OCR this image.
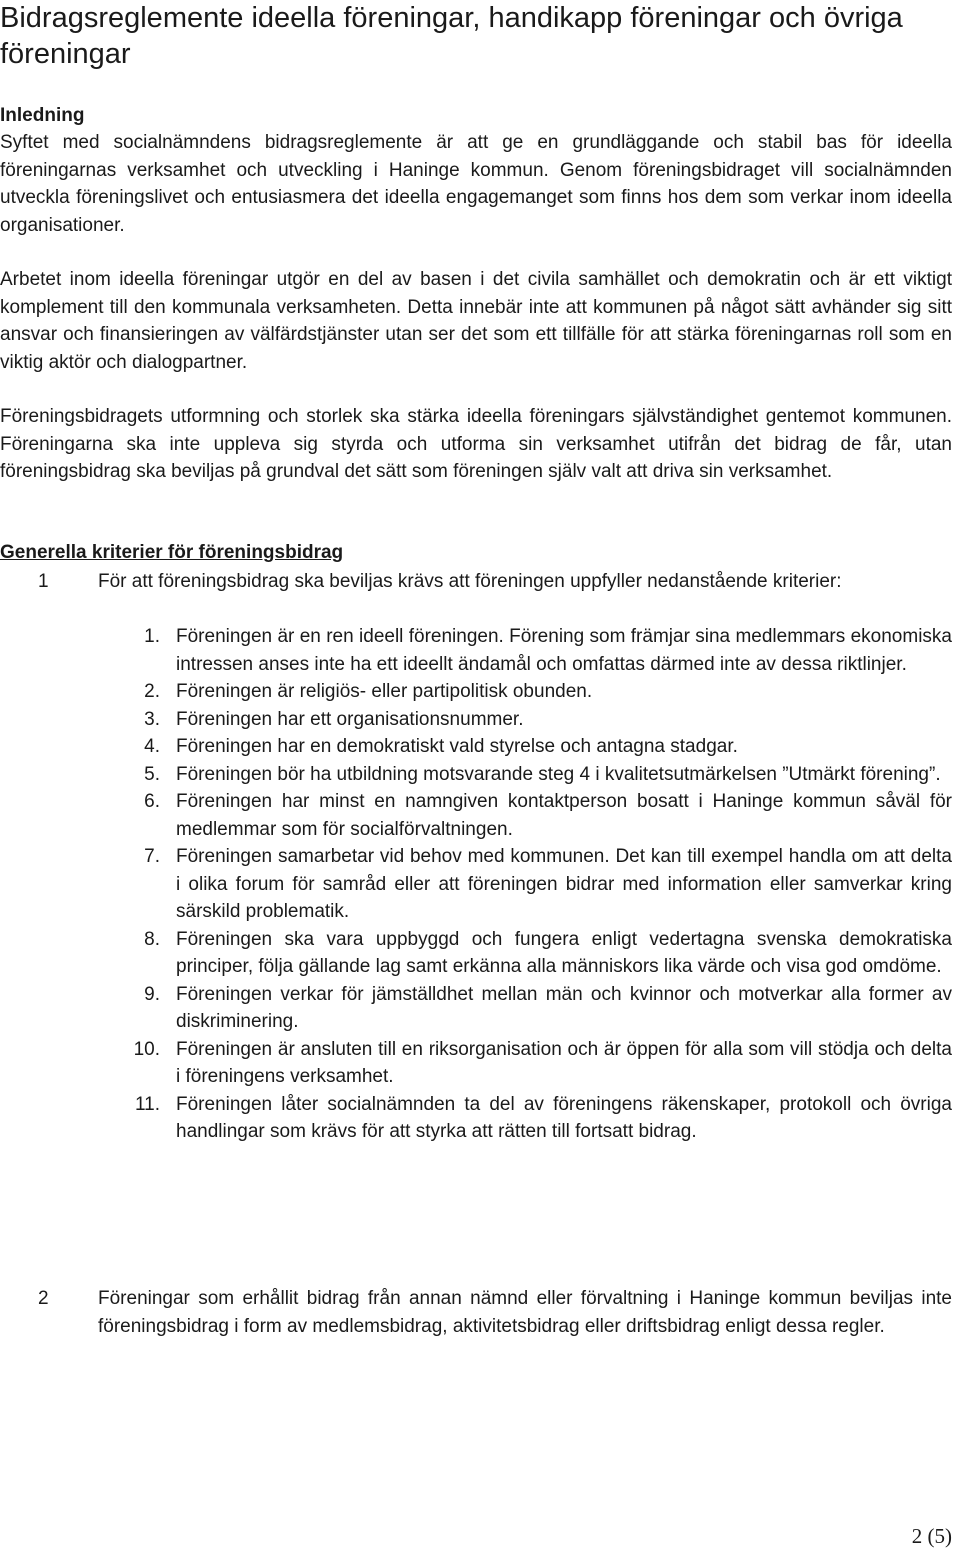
Bidragsreglemente ideella föreningar, handikapp föreningar och övriga föreningar
Inledning
Syftet med socialnämndens bidragsreglemente är att ge en grundläggande och stabil bas för ideella föreningarnas verksamhet och utveckling i Haninge kommun. Genom föreningsbidraget vill socialnämnden utveckla föreningslivet och entusiasmera det ideella engagemanget som finns hos dem som verkar inom ideella organisationer.
Arbetet inom ideella föreningar utgör en del av basen i det civila samhället och demokratin och är ett viktigt komplement till den kommunala verksamheten. Detta innebär inte att kommunen på något sätt avhänder sig sitt ansvar och finansieringen av välfärdstjänster utan ser det som ett tillfälle för att stärka föreningarnas roll som en viktig aktör och dialogpartner.
Föreningsbidragets utformning och storlek ska stärka ideella föreningars självständighet gentemot kommunen. Föreningarna ska inte uppleva sig styrda och utforma sin verksamhet utifrån det bidrag de får, utan föreningsbidrag ska beviljas på grundval det sätt som föreningen själv valt att driva sin verksamhet.
Generella kriterier för föreningsbidrag
1	För att föreningsbidrag ska beviljas krävs att föreningen uppfyller nedanstående kriterier:
1. Föreningen är en ren ideell föreningen. Förening som främjar sina medlemmars ekonomiska intressen anses inte ha ett ideellt ändamål och omfattas därmed inte av dessa riktlinjer.
2. Föreningen är religiös- eller partipolitisk obunden.
3. Föreningen har ett organisationsnummer.
4. Föreningen har en demokratiskt vald styrelse och antagna stadgar.
5. Föreningen bör ha utbildning motsvarande steg 4 i kvalitetsutmärkelsen ”Utmärkt förening”.
6. Föreningen har minst en namngiven kontaktperson bosatt i Haninge kommun såväl för medlemmar som för socialförvaltningen.
7. Föreningen samarbetar vid behov med kommunen. Det kan till exempel handla om att delta i olika forum för samråd eller att föreningen bidrar med information eller samverkar kring särskild problematik.
8. Föreningen ska vara uppbyggd och fungera enligt vedertagna svenska demokratiska principer, följa gällande lag samt erkänna alla människors lika värde och visa god omdöme.
9. Föreningen verkar för jämställdhet mellan män och kvinnor och motverkar alla former av diskriminering.
10. Föreningen är ansluten till en riksorganisation och är öppen för alla som vill stödja och delta i föreningens verksamhet.
11. Föreningen låter socialnämnden ta del av föreningens räkenskaper, protokoll och övriga handlingar som krävs för att styrka att rätten till fortsatt bidrag.
2	Föreningar som erhållit bidrag från annan nämnd eller förvaltning i Haninge kommun beviljas inte föreningsbidrag i form av medlemsbidrag, aktivitetsbidrag eller driftsbidrag enligt dessa regler.
2 (5)
